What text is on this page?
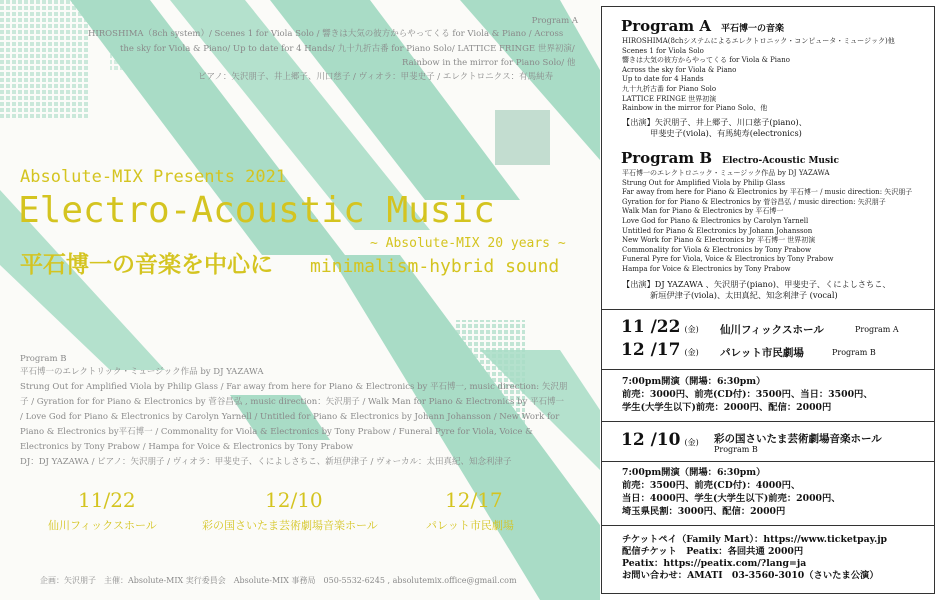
Program A
HIROSHIMA（8ch system）/ Scenes 1 for Viola Solo / 響きは大気の彼方からやってくる for Viola & Piano / Across
the sky for Viola & Piano/ Up to date for 4 Hands/ 九十九折古番 for Piano Solo/ LATTICE FRINGE 世界初演/
Rainbow in the mirror for Piano Solo/ 他
ピアノ：矢沢朋子、井上郷子、川口慈子 / ヴィオラ：甲斐史子 / エレクトロニクス：有馬純寿
Absolute-MIX Presents 2021
Electro-Acoustic Music
~ Absolute-MIX 20 years ~
平石博一の音楽を中心に minimalism-hybrid sound
Program B
平石博一のエレクトリック・ミュージック作品 by DJ YAZAWA
Strung Out for Amplified Viola by Philip Glass / Far away from here for Piano & Electronics by 平石博一, music direction: 矢沢朋
子 / Gyration for for Piano & Electronics by 菅谷昌弘 , music direction：矢沢朋子 / Walk Man for Piano & Electronics by 平石博一
/ Love God for Piano & Electronics by Carolyn Yarnell / Untitled for Piano & Electronics by Johann Johansson / New Work for
Piano & Electronics by平石博一 / Commonality for Viola & Electronics by Tony Prabow / Funeral Pyre for Viola, Voice &
Electronics by Tony Prabow / Hampa for Voice & Electronics by Tony Prabow
DJ：DJ YAZAWA / ピアノ：矢沢朋子 / ヴィオラ：甲斐史子、くによしさちこ、新垣伊津子 / ヴォーカル：太田真紀、知念利津子
11/22
仙川フィックスホール
12/10
彩の国さいたま芸術劇場音楽ホール
12/17
パレット市民劇場
企画：矢沢朋子　主催：Absolute-MIX 実行委員会　Absolute-MIX 事務局　050-5532-6245 , absolutemix.office@gmail.com
Program A 平石博一の音楽
HIROSHIMA(8chシステムによるエレクトロニック・コンピュータ・ミュージック)他
Scenes 1 for Viola Solo
響きは大気の彼方からやってくる for Viola & Piano
Across the sky for Viola & Piano
Up to date for 4 Hands
九十九折古番 for Piano Solo
LATTICE FRINGE 世界初演
Rainbow in the mirror for Piano Solo、他
【出演】矢沢朋子、井上郷子、川口慈子(piano)、
甲斐史子(viola)、有馬純寿(electronics)
Program B Electro-Acoustic Music
平石博一のエレクトロニック・ミュージック作品 by DJ YAZAWA
Strung Out for Amplified Viola by Philip Glass
Far away from here for Piano & Electronics by 平石博一 / music direction: 矢沢朋子
Gyration for for Piano & Electronics by 菅谷昌弘 / music direction: 矢沢朋子
Walk Man for Piano & Electronics by 平石博一
Love God for Piano & Electronics by Carolyn Yarnell
Untitled for Piano & Electronics by Johann Johansson
New Work for Piano & Electronics by 平石博一 世界初演
Commonality for Viola & Electronics by Tony Prabow
Funeral Pyre for Viola, Voice & Electronics by Tony Prabow
Hampa for Voice & Electronics by Tony Prabow
【出演】DJ YAZAWA 、矢沢朋子(piano)、甲斐史子、くによしさちこ、
新垣伊津子(viola)、太田真紀、知念利津子 (vocal)
11 /22 (金)	仙川フィックスホール	Program A
12 /17 (金)	パレット市民劇場	Program B
7:00pm開演（開場：6:30pm）
前売：3000円、前売(CD付)：3500円、当日：3500円、
学生(大学生以下)前売：2000円、配信：2000円
12 /10 (金)	彩の国さいたま芸術劇場音楽ホール
Program B
7:00pm開演（開場：6:30pm）
前売：3500円、前売(CD付)：4000円、
当日：4000円、学生(大学生以下)前売：2000円、
埼玉県民割：3000円、配信：2000円
チケットペイ（Family Mart）：https://www.ticketpay.jp
配信チケット　Peatix：各回共通 2000円
Peatix：https://peatix.com/?lang=ja
お問い合わせ：AMATI　03-3560-3010（さいたま公演）
